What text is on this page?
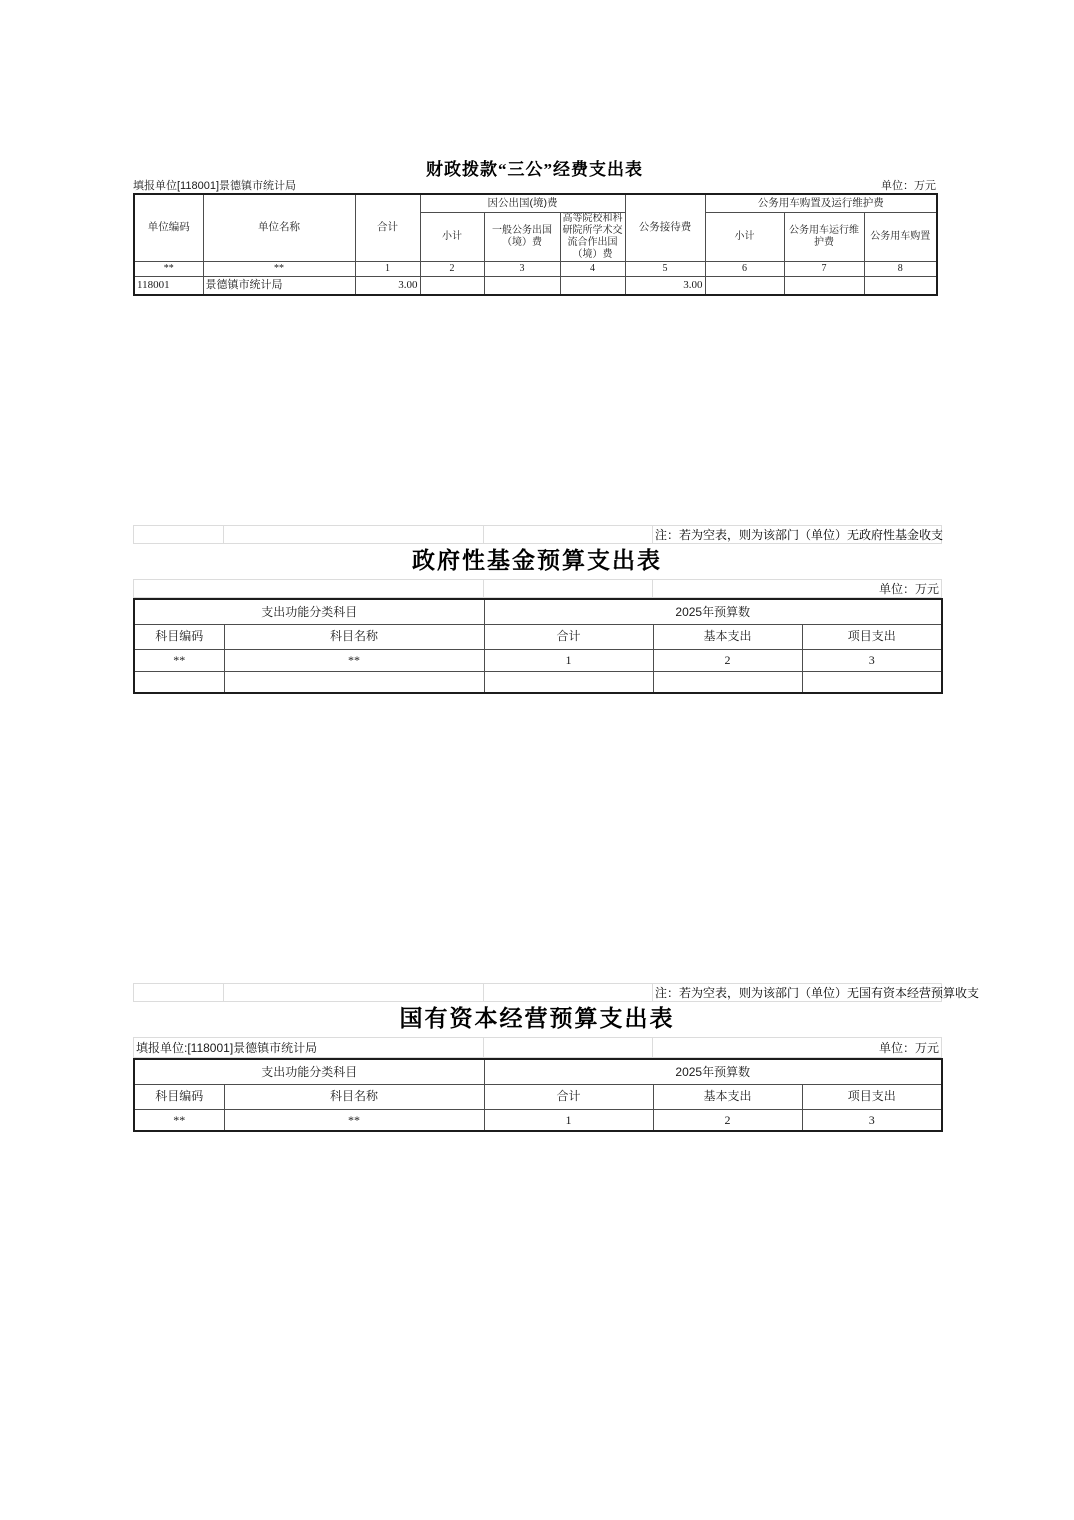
财政拨款“三公”经费支出表
填报单位[118001]景德镇市统计局	单位：万元
单位编码	单位名称	合计	因公出国(境)费			公务接待费	公务用车购置及运行维护费		
			小计	一般公务出国（境）费	高等院校和科研院所学术交流合作出国（境）费		小计	公务用车运行维护费	公务用车购置
**	**	1	2	3	4	5	6	7	8
118001	景德镇市统计局	3.00				3.00			
			注：若为空表，则为该部门（单位）无政府性基金收支
政府性基金预算支出表
		单位：万元
支出功能分类科目		2025年预算数		
科目编码	科目名称	合计	基本支出	项目支出
**	**	1	2	3

			注：若为空表，则为该部门（单位）无国有资本经营预算收支
国有资本经营预算支出表
填报单位:[118001]景德镇市统计局		单位：万元
支出功能分类科目		2025年预算数		
科目编码	科目名称	合计	基本支出	项目支出
**	**	1	2	3
